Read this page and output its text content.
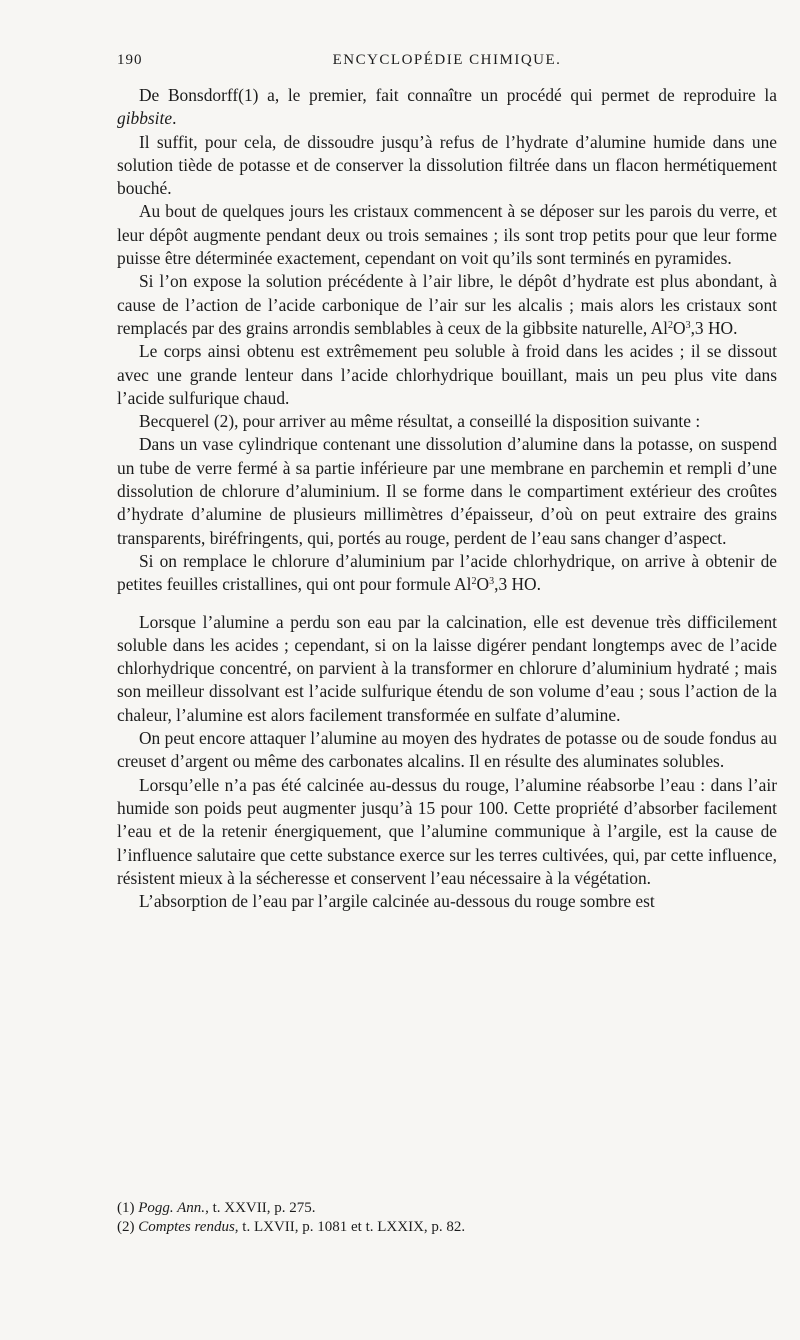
190	ENCYCLOPÉDIE CHIMIQUE.

De Bonsdorff(1) a, le premier, fait connaître un procédé qui permet de reproduire la gibbsite.

Il suffit, pour cela, de dissoudre jusqu’à refus de l’hydrate d’alumine humide dans une solution tiède de potasse et de conserver la dissolution filtrée dans un flacon hermétiquement bouché.

Au bout de quelques jours les cristaux commencent à se déposer sur les parois du verre, et leur dépôt augmente pendant deux ou trois semaines ; ils sont trop petits pour que leur forme puisse être déterminée exactement, cependant on voit qu’ils sont terminés en pyramides.

Si l’on expose la solution précédente à l’air libre, le dépôt d’hydrate est plus abondant, à cause de l’action de l’acide carbonique de l’air sur les alcalis ; mais alors les cristaux sont remplacés par des grains arrondis semblables à ceux de la gibbsite naturelle, $Al^2O^3,3$ HO.

Le corps ainsi obtenu est extrêmement peu soluble à froid dans les acides ; il se dissout avec une grande lenteur dans l’acide chlorhydrique bouillant, mais un peu plus vite dans l’acide sulfurique chaud.

Becquerel (2), pour arriver au même résultat, a conseillé la disposition suivante :

Dans un vase cylindrique contenant une dissolution d’alumine dans la potasse, on suspend un tube de verre fermé à sa partie inférieure par une membrane en parchemin et rempli d’une dissolution de chlorure d’aluminium. Il se forme dans le compartiment extérieur des croûtes d’hydrate d’alumine de plusieurs millimètres d’épaisseur, d’où on peut extraire des grains transparents, biréfringents, qui, portés au rouge, perdent de l’eau sans changer d’aspect.

Si on remplace le chlorure d’aluminium par l’acide chlorhydrique, on arrive à obtenir de petites feuilles cristallines, qui ont pour formule $Al^2O^3,3$ HO.

Lorsque l’alumine a perdu son eau par la calcination, elle est devenue très difficilement soluble dans les acides ; cependant, si on la laisse digérer pendant longtemps avec de l’acide chlorhydrique concentré, on parvient à la transformer en chlorure d’aluminium hydraté ; mais son meilleur dissolvant est l’acide sulfurique étendu de son volume d’eau ; sous l’action de la chaleur, l’alumine est alors facilement transformée en sulfate d’alumine.

On peut encore attaquer l’alumine au moyen des hydrates de potasse ou de soude fondus au creuset d’argent ou même des carbonates alcalins. Il en résulte des aluminates solubles.

Lorsqu’elle n’a pas été calcinée au-dessus du rouge, l’alumine réabsorbe l’eau : dans l’air humide son poids peut augmenter jusqu’à 15 pour 100. Cette propriété d’absorber facilement l’eau et de la retenir énergiquement, que l’alumine communique à l’argile, est la cause de l’influence salutaire que cette substance exerce sur les terres cultivées, qui, par cette influence, résistent mieux à la sécheresse et conservent l’eau nécessaire à la végétation.

L’absorption de l’eau par l’argile calcinée au-dessous du rouge sombre est

(1) Pogg. Ann., t. XXVII, p. 275.

(2) Comptes rendus, t. LXVII, p. 1081 et t. LXXIX, p. 82.
